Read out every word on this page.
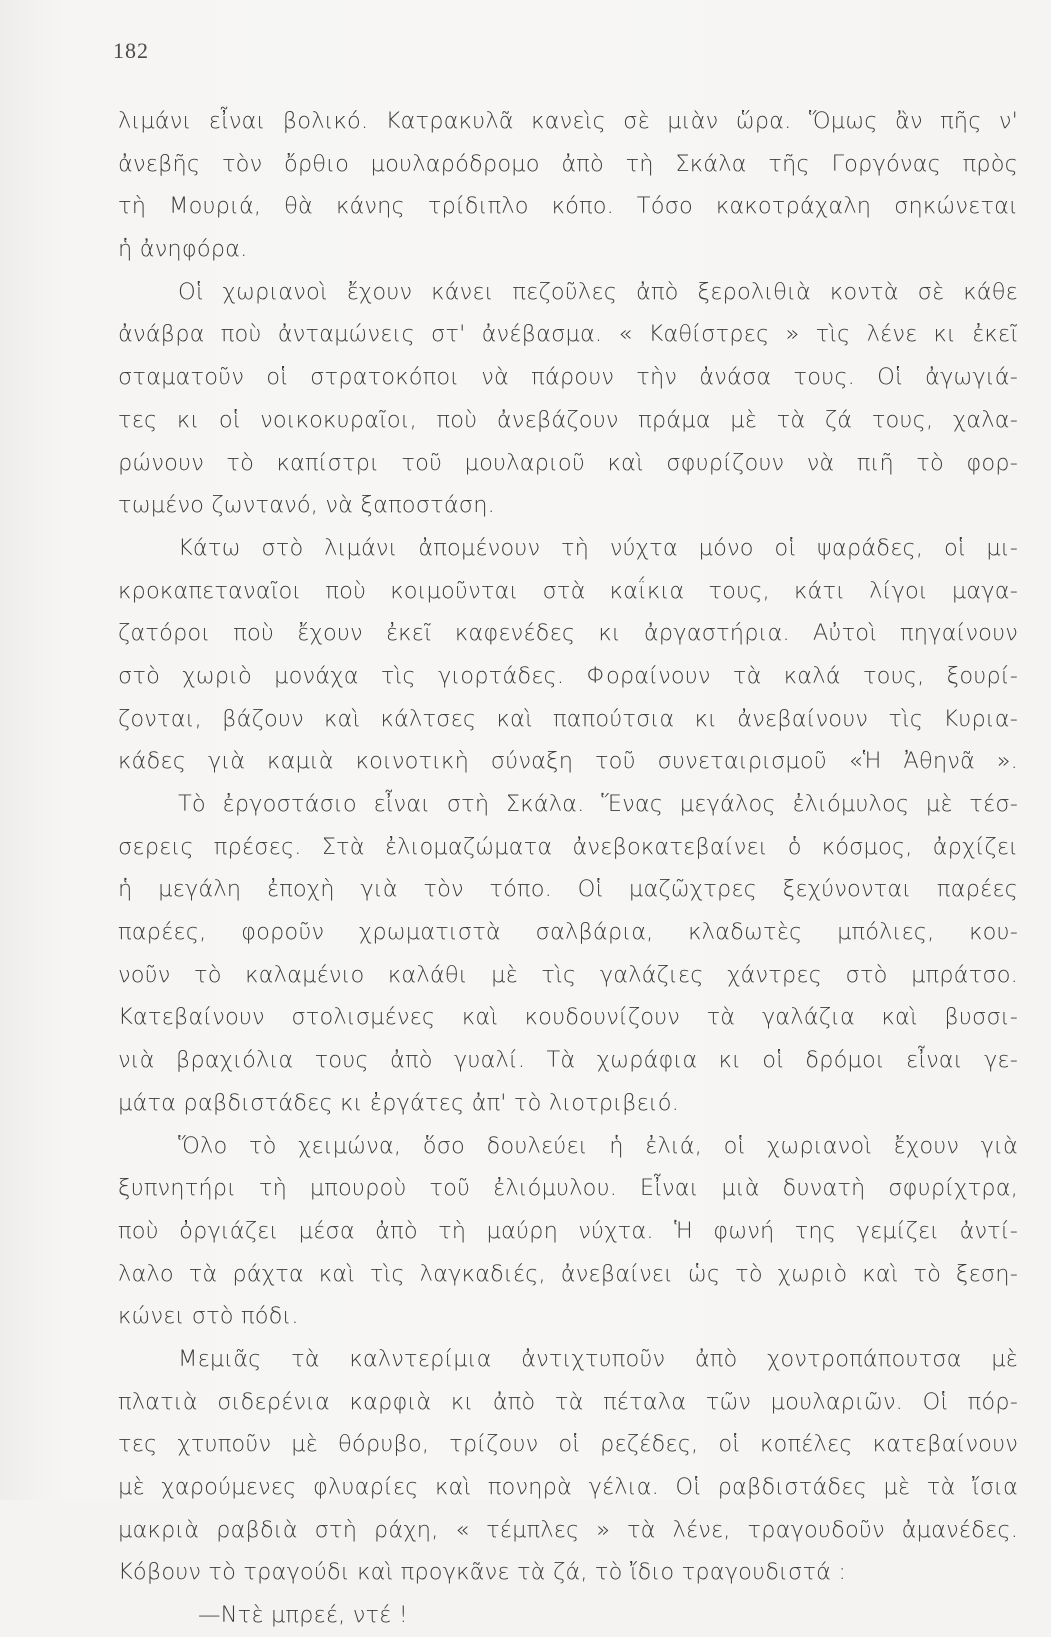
182
λιμάνι εἶναι βολικό. Κατρακυλᾶ κανεὶς σὲ μιὰν ὥρα. Ὅμως ἂν πῆς ν'
ἀνεβῆς τὸν ὄρθιο μουλαρόδρομο ἀπὸ τὴ Σκάλα τῆς Γοργόνας πρὸς
τὴ Μουριά, θὰ κάνης τρίδιπλο κόπο. Τόσο κακοτράχαλη σηκώνεται
ἡ ἀνηφόρα.
Οἱ χωριανοὶ ἔχουν κάνει πεζοῦλες ἀπὸ ξερολιθιὰ κοντὰ σὲ κάθε
ἀνάβρα ποὺ ἀνταμώνεις στ' ἀνέβασμα. « Καθίστρες » τὶς λένε κι ἐκεῖ
σταματοῦν οἱ στρατοκόποι νὰ πάρουν τὴν ἀνάσα τους. Οἱ ἀγωγιά-
τες κι οἱ νοικοκυραῖοι, ποὺ ἀνεβάζουν πράμα μὲ τὰ ζά τους, χαλα-
ρώνουν τὸ καπίστρι τοῦ μουλαριοῦ καὶ σφυρίζουν νὰ πιῆ τὸ φορ-
τωμένο ζωντανό, νὰ ξαποστάση.
Κάτω στὸ λιμάνι ἀπομένουν τὴ νύχτα μόνο οἱ ψαράδες, οἱ μι-
κροκαπεταναῖοι ποὺ κοιμοῦνται στὰ καΐκια τους, κάτι λίγοι μαγα-
ζατόροι ποὺ ἔχουν ἐκεῖ καφενέδες κι ἀργαστήρια. Αὐτοὶ πηγαίνουν
στὸ χωριὸ μονάχα τὶς γιορτάδες. Φοραίνουν τὰ καλά τους, ξουρί-
ζονται, βάζουν καὶ κάλτσες καὶ παπούτσια κι ἀνεβαίνουν τὶς Κυρια-
κάδες γιὰ καμιὰ κοινοτικὴ σύναξη τοῦ συνεταιρισμοῦ «Ἡ Ἀθηνᾶ ».
Τὸ ἐργοστάσιο εἶναι στὴ Σκάλα. Ἕνας μεγάλος ἐλιόμυλος μὲ τέσ-
σερεις πρέσες. Στὰ ἐλιομαζώματα ἀνεβοκατεβαίνει ὁ κόσμος, ἀρχίζει
ἡ μεγάλη ἐποχὴ γιὰ τὸν τόπο. Οἱ μαζῶχτρες ξεχύνονται παρέες
παρέες, φοροῦν χρωματιστὰ σαλβάρια, κλαδωτὲς μπόλιες, κου-
νοῦν τὸ καλαμένιο καλάθι μὲ τὶς γαλάζιες χάντρες στὸ μπράτσο.
Κατεβαίνουν στολισμένες καὶ κουδουνίζουν τὰ γαλάζια καὶ βυσσι-
νιὰ βραχιόλια τους ἀπὸ γυαλί. Τὰ χωράφια κι οἱ δρόμοι εἶναι γε-
μάτα ραβδιστάδες κι ἐργάτες ἀπ' τὸ λιοτριβειό.
Ὅλο τὸ χειμώνα, ὅσο δουλεύει ἡ ἐλιά, οἱ χωριανοὶ ἔχουν γιὰ
ξυπνητήρι τὴ μπουροὺ τοῦ ἐλιόμυλου. Εἶναι μιὰ δυνατὴ σφυρίχτρα,
ποὺ ὀργιάζει μέσα ἀπὸ τὴ μαύρη νύχτα. Ἡ φωνή της γεμίζει ἀντί-
λαλο τὰ ράχτα καὶ τὶς λαγκαδιές, ἀνεβαίνει ὡς τὸ χωριὸ καὶ τὸ ξεση-
κώνει στὸ πόδι.
Μεμιᾶς τὰ καλντερίμια ἀντιχτυποῦν ἀπὸ χοντροπάπουτσα μὲ
πλατιὰ σιδερένια καρφιὰ κι ἀπὸ τὰ πέταλα τῶν μουλαριῶν. Οἱ πόρ-
τες χτυποῦν μὲ θόρυβο, τρίζουν οἱ ρεζέδες, οἱ κοπέλες κατεβαίνουν
μὲ χαρούμενες φλυαρίες καὶ πονηρὰ γέλια. Οἱ ραβδιστάδες μὲ τὰ ἴσια
μακριὰ ραβδιὰ στὴ ράχη, « τέμπλες » τὰ λένε, τραγουδοῦν ἀμανέδες.
Κόβουν τὸ τραγούδι καὶ προγκᾶνε τὰ ζά, τὸ ἴδιο τραγουδιστά :
—Ντὲ μπρεέ, ντέ !
